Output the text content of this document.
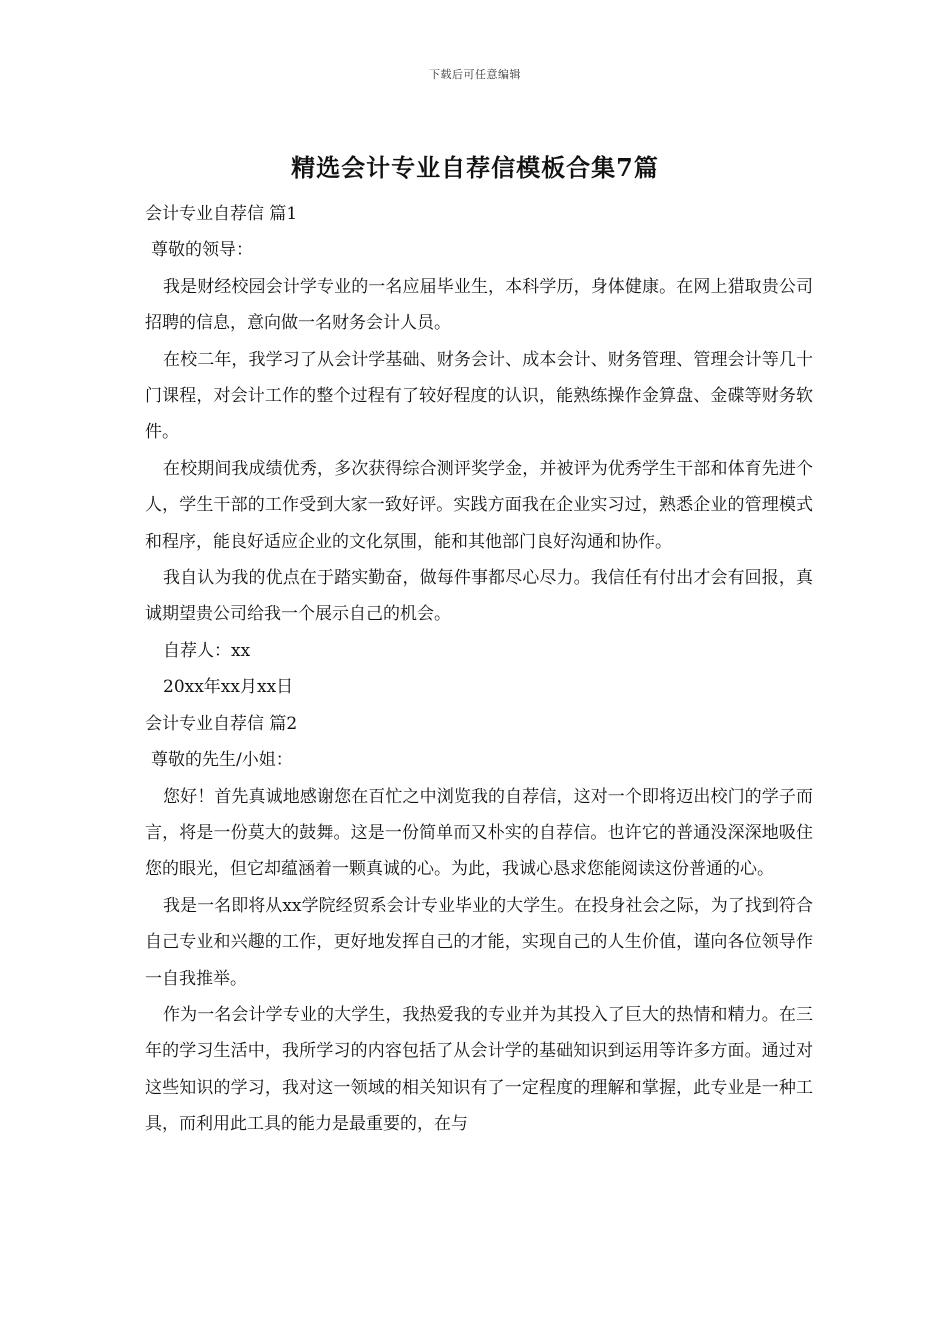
下载后可任意编辑
精选会计专业自荐信模板合集7篇
会计专业自荐信 篇1
尊敬的领导：
我是财经校园会计学专业的一名应届毕业生，本科学历，身体健康。在网上猎取贵公司招聘的信息，意向做一名财务会计人员。
在校二年，我学习了从会计学基础、财务会计、成本会计、财务管理、管理会计等几十门课程，对会计工作的整个过程有了较好程度的认识，能熟练操作金算盘、金碟等财务软件。
在校期间我成绩优秀，多次获得综合测评奖学金，并被评为优秀学生干部和体育先进个人，学生干部的工作受到大家一致好评。实践方面我在企业实习过，熟悉企业的管理模式和程序，能良好适应企业的文化氛围，能和其他部门良好沟通和协作。
我自认为我的优点在于踏实勤奋，做每件事都尽心尽力。我信任有付出才会有回报，真诚期望贵公司给我一个展示自己的机会。
自荐人：xx
20xx年xx月xx日
会计专业自荐信 篇2
尊敬的先生/小姐：
您好！首先真诚地感谢您在百忙之中浏览我的自荐信，这对一个即将迈出校门的学子而言，将是一份莫大的鼓舞。这是一份简单而又朴实的自荐信。也许它的普通没深深地吸住您的眼光，但它却蕴涵着一颗真诚的心。为此，我诚心恳求您能阅读这份普通的心。
我是一名即将从xx学院经贸系会计专业毕业的大学生。在投身社会之际，为了找到符合自己专业和兴趣的工作，更好地发挥自己的才能，实现自己的人生价值，谨向各位领导作一自我推举。
作为一名会计学专业的大学生，我热爱我的专业并为其投入了巨大的热情和精力。在三年的学习生活中，我所学习的内容包括了从会计学的基础知识到运用等许多方面。通过对这些知识的学习，我对这一领域的相关知识有了一定程度的理解和掌握，此专业是一种工具，而利用此工具的能力是最重要的，在与
